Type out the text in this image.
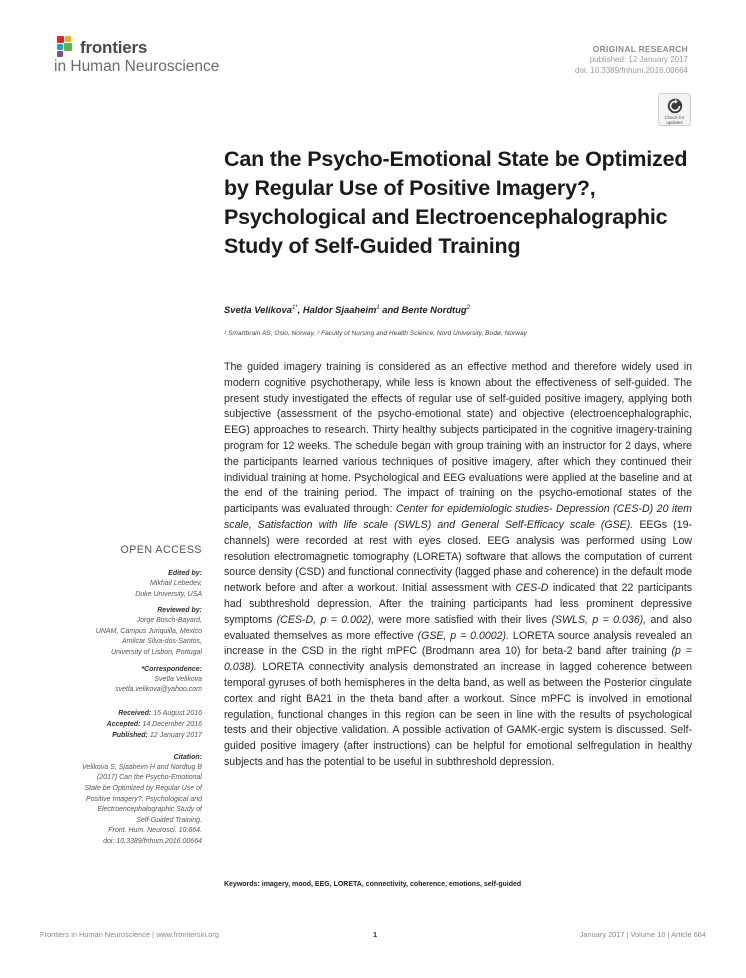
frontiers
in Human Neuroscience
ORIGINAL RESEARCH
published: 12 January 2017
doi: 10.3389/fnhum.2016.00664
Check for
updates
Can the Psycho-Emotional State be Optimized by Regular Use of Positive Imagery?, Psychological and Electroencephalographic Study of Self-Guided Training
Svetla Velikova$^{1*}$, Haldor Sjaaheim$^1$ and Bente Nordtug$^2$
¹ Smartbrain AS, Oslo, Norway, ² Faculty of Nursing and Health Science, Nord University, Bodø, Norway
The guided imagery training is considered as an effective method and therefore widely used in modern cognitive psychotherapy, while less is known about the effectiveness of self-guided. The present study investigated the effects of regular use of self-guided positive imagery, applying both subjective (assessment of the psycho-emotional state) and objective (electroencephalographic, EEG) approaches to research. Thirty healthy subjects participated in the cognitive imagery-training program for 12 weeks. The schedule began with group training with an instructor for 2 days, where the participants learned various techniques of positive imagery, after which they continued their individual training at home. Psychological and EEG evaluations were applied at the baseline and at the end of the training period. The impact of training on the psycho-emotional states of the participants was evaluated through: Center for epidemiologic studies- Depression (CES-D) 20 item scale, Satisfaction with life scale (SWLS) and General Self-Efficacy scale (GSE). EEGs (19-channels) were recorded at rest with eyes closed. EEG analysis was performed using Low resolution electromagnetic tomography (LORETA) software that allows the computation of current source density (CSD) and functional connectivity (lagged phase and coherence) in the default mode network before and after a workout. Initial assessment with CES-D indicated that 22 participants had subthreshold depression. After the training participants had less prominent depressive symptoms (CES-D, p = 0.002), were more satisfied with their lives (SWLS, p = 0.036), and also evaluated themselves as more effective (GSE, p = 0.0002). LORETA source analysis revealed an increase in the CSD in the right mPFC (Brodmann area 10) for beta-2 band after training (p = 0.038). LORETA connectivity analysis demonstrated an increase in lagged coherence between temporal gyruses of both hemispheres in the delta band, as well as between the Posterior cingulate cortex and right BA21 in the theta band after a workout. Since mPFC is involved in emotional regulation, functional changes in this region can be seen in line with the results of psychological tests and their objective validation. A possible activation of GAMK-ergic system is discussed. Self-guided positive imagery (after instructions) can be helpful for emotional selfregulation in healthy subjects and has the potential to be useful in subthreshold depression.
Keywords: imagery, mood, EEG, LORETA, connectivity, coherence, emotions, self-guided
OPEN ACCESS
Edited by:
Mikhail Lebedev,
Duke University, USA
Reviewed by:
Jorge Bosch-Bayard,
UNAM, Campus Juriquilla, Mexico
Amilcar Silva-dos-Santos,
University of Lisbon, Portugal
*Correspondence:
Svetla Velikova
svetla.velikova@yahoo.com
Received: 15 August 2016
Accepted: 14 December 2016
Published: 12 January 2017
Citation:
Velikova S, Sjaaheim H and Nordtug B
(2017) Can the Psycho-Emotional
State be Optimized by Regular Use of
Positive Imagery?, Psychological and
Electroencephalographic Study of
Self-Guided Training.
Front. Hum. Neurosci. 10:664.
doi: 10.3389/fnhum.2016.00664
Frontiers in Human Neuroscience | www.frontiersin.org	1	January 2017 | Volume 10 | Article 664
